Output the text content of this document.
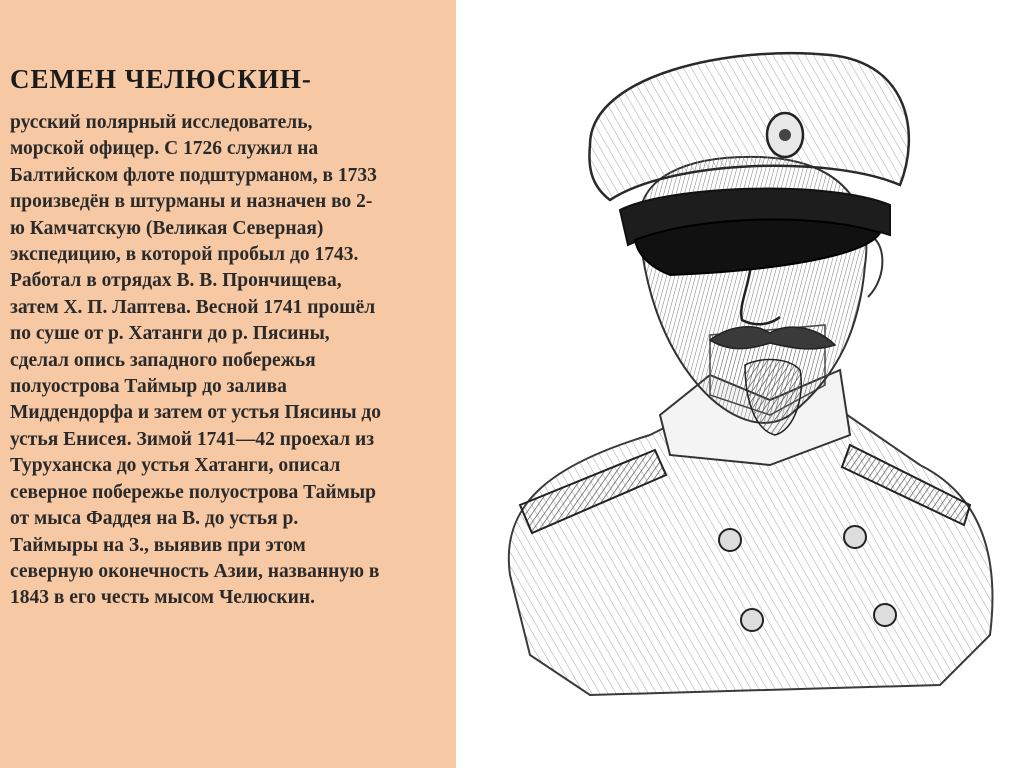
СЕМЕН ЧЕЛЮСКИН-
русский полярный исследователь,
морской офицер. С 1726 служил на
Балтийском флоте подштурманом, в 1733
произведён в штурманы и назначен во 2-
ю Камчатскую (Великая Северная)
экспедицию, в которой пробыл до 1743.
Работал в отрядах В. В. Прончищева,
затем Х. П. Лаптева. Весной 1741 прошёл
по суше от р. Хатанги до р. Пясины,
сделал опись западного побережья
полуострова Таймыр до залива
Миддендорфа и затем от устья Пясины до
устья Енисея. Зимой 1741—42 проехал из
Туруханска до устья Хатанги, описал
северное побережье полуострова Таймыр
от мыса Фаддея на В. до устья р.
Таймыры на З., выявив при этом
северную оконечность Азии, названную в
1843 в его честь мысом Челюскин.
